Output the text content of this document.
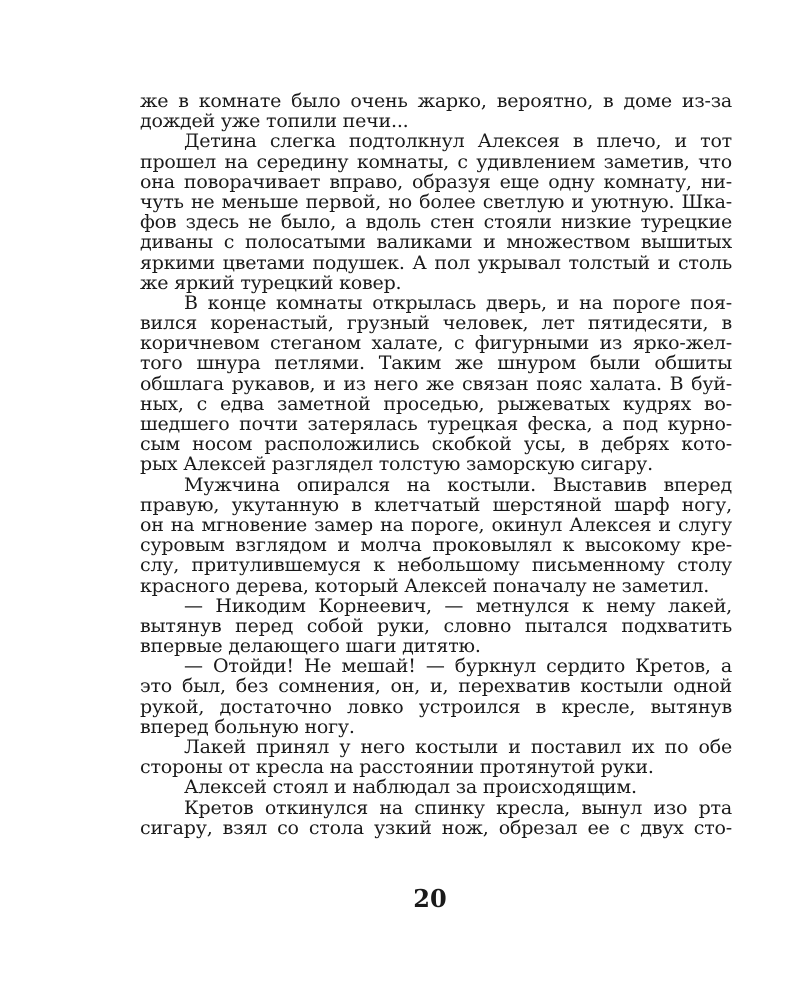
же в комнате было очень жарко, вероятно, в доме из-за
дождей уже топили печи...
Детина слегка подтолкнул Алексея в плечо, и тот
прошел на середину комнаты, с удивлением заметив, что
она поворачивает вправо, образуя еще одну комнату, ни-
чуть не меньше первой, но более светлую и уютную. Шка-
фов здесь не было, а вдоль стен стояли низкие турецкие
диваны с полосатыми валиками и множеством вышитых
яркими цветами подушек. А пол укрывал толстый и столь
же яркий турецкий ковер.
В конце комнаты открылась дверь, и на пороге поя-
вился коренастый, грузный человек, лет пятидесяти, в
коричневом стеганом халате, с фигурными из ярко-жел-
того шнура петлями. Таким же шнуром были обшиты
обшлага рукавов, и из него же связан пояс халата. В буй-
ных, с едва заметной проседью, рыжеватых кудрях во-
шедшего почти затерялась турецкая феска, а под курно-
сым носом расположились скобкой усы, в дебрях кото-
рых Алексей разглядел толстую заморскую сигару.
Мужчина опирался на костыли. Выставив вперед
правую, укутанную в клетчатый шерстяной шарф ногу,
он на мгновение замер на пороге, окинул Алексея и слугу
суровым взглядом и молча проковылял к высокому кре-
слу, притулившемуся к небольшому письменному столу
красного дерева, который Алексей поначалу не заметил.
— Никодим Корнеевич, — метнулся к нему лакей,
вытянув перед собой руки, словно пытался подхватить
впервые делающего шаги дитятю.
— Отойди! Не мешай! — буркнул сердито Кретов, а
это был, без сомнения, он, и, перехватив костыли одной
рукой, достаточно ловко устроился в кресле, вытянув
вперед больную ногу.
Лакей принял у него костыли и поставил их по обе
стороны от кресла на расстоянии протянутой руки.
Алексей стоял и наблюдал за происходящим.
Кретов откинулся на спинку кресла, вынул изо рта
сигару, взял со стола узкий нож, обрезал ее с двух сто-
20
